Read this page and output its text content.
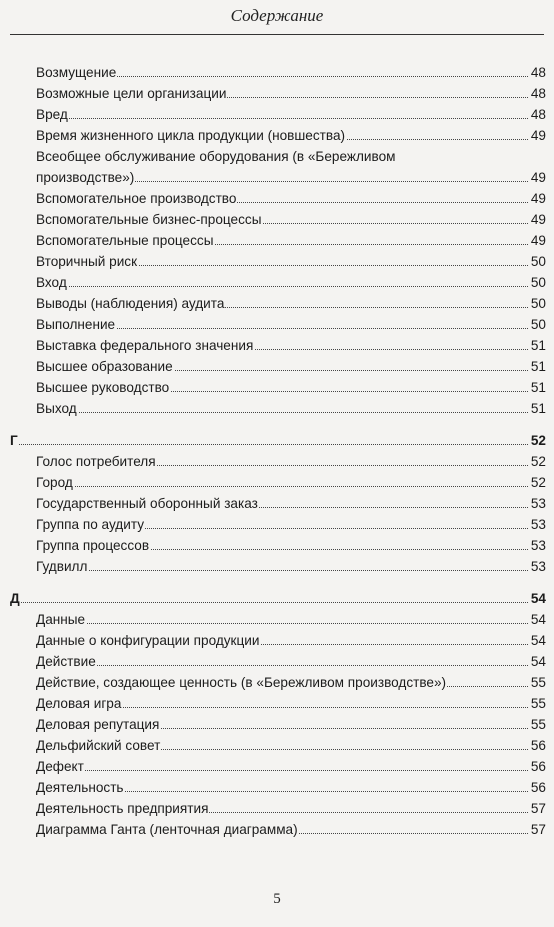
Содержание
Возмущение	48
Возможные цели организации	48
Вред	48
Время жизненного цикла продукции (новшества)	49
Всеобщее обслуживание оборудования (в «Бережливом
производстве»)	49
Вспомогательное производство	49
Вспомогательные бизнес-процессы	49
Вспомогательные процессы	49
Вторичный риск	50
Вход	50
Выводы (наблюдения) аудита	50
Выполнение	50
Выставка федерального значения	51
Высшее образование	51
Высшее руководство	51
Выход	51
Г	52
Голос потребителя	52
Город	52
Государственный оборонный заказ	53
Группа по аудиту	53
Группа процессов	53
Гудвилл	53
Д	54
Данные	54
Данные о конфигурации продукции	54
Действие	54
Действие, создающее ценность (в «Бережливом производстве»)	55
Деловая игра	55
Деловая репутация	55
Дельфийский совет	56
Дефект	56
Деятельность	56
Деятельность предприятия	57
Диаграмма Ганта (ленточная диаграмма)	57
5
